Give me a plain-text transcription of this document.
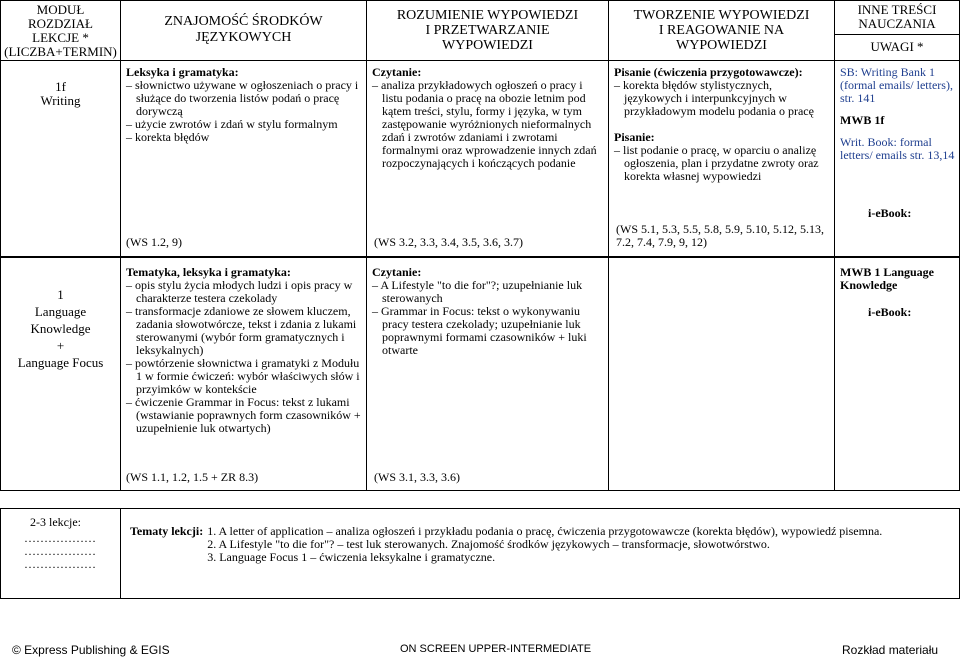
MODUŁ
ROZDZIAŁ
LEKCJE *
(LICZBA+TERMIN)
ZNAJOMOŚĆ ŚRODKÓW
JĘZYKOWYCH
ROZUMIENIE WYPOWIEDZI
I PRZETWARZANIE
WYPOWIEDZI
TWORZENIE WYPOWIEDZI
I REAGOWANIE NA
WYPOWIEDZI
INNE TREŚCI
NAUCZANIA
UWAGI *
1f
Writing

Leksyka i gramatyka:

– słownictwo używane w ogłoszeniach o pracy i służące do tworzenia listów podań o pracę dorywczą

– użycie zwrotów i zdań w stylu formalnym

– korekta błędów

(WS 1.2, 9)

Czytanie:

– analiza przykładowych ogłoszeń o pracy i listu podania o pracę na obozie letnim pod kątem treści, stylu, formy i języka, w tym zastępowanie wyróżnionych nieformalnych zdań i zwrotów zdaniami i zwrotami formalnymi oraz wprowadzenie innych zdań rozpoczynających i kończących podanie

(WS 3.2, 3.3, 3.4, 3.5, 3.6, 3.7)

Pisanie (ćwiczenia przygotowawcze):

– korekta błędów stylistycznych, językowych i interpunkcyjnych w przykładowym modelu podania o pracę

Pisanie:

– list podanie o pracę, w oparciu o analizę ogłoszenia, plan i przydatne zwroty oraz korekta własnej wypowiedzi

(WS 5.1, 5.3, 5.5, 5.8, 5.9, 5.10, 5.12, 5.13, 7.2, 7.4, 7.9, 9, 12)

SB: Writing Bank 1 (formal emails/ letters), str. 141

MWB 1f

Writ. Book: formal letters/ emails str. 13,14

i-eBook:
1
Language
Knowledge
+
Language Focus

Tematyka, leksyka i gramatyka:

– opis stylu życia młodych ludzi i opis pracy w charakterze testera czekolady

– transformacje zdaniowe ze słowem kluczem, zadania słowotwórcze, tekst i zdania z lukami sterowanymi (wybór form gramatycznych i leksykalnych)

– powtórzenie słownictwa i gramatyki z Modułu 1 w formie ćwiczeń: wybór właściwych słów i przyimków w kontekście

– ćwiczenie Grammar in Focus: tekst z lukami (wstawianie poprawnych form czasowników + uzupełnienie luk otwartych)

(WS 1.1, 1.2, 1.5 + ZR 8.3)

Czytanie:

– A Lifestyle "to die for"?; uzupełnianie luk sterowanych

– Grammar in Focus: tekst o wykonywaniu pracy testera czekolady; uzupełnianie luk poprawnymi formami czasowników + luki otwarte

(WS 3.1, 3.3, 3.6)
MWB 1 Language Knowledge
i-eBook:
2-3 lekcje:
………………
………………
………………
Tematy lekcji: 1. A letter of application – analiza ogłoszeń i przykładu podania o pracę, ćwiczenia przygotowawcze (korekta błędów), wypowiedź pisemna.

2. A Lifestyle "to die for"? – test luk sterowanych. Znajomość środków językowych – transformacje, słowotwórstwo.

3. Language Focus 1 – ćwiczenia leksykalne i gramatyczne.

© Express Publishing & EGIS	ON SCREEN UPPER-INTERMEDIATE	Rozkład materiału
